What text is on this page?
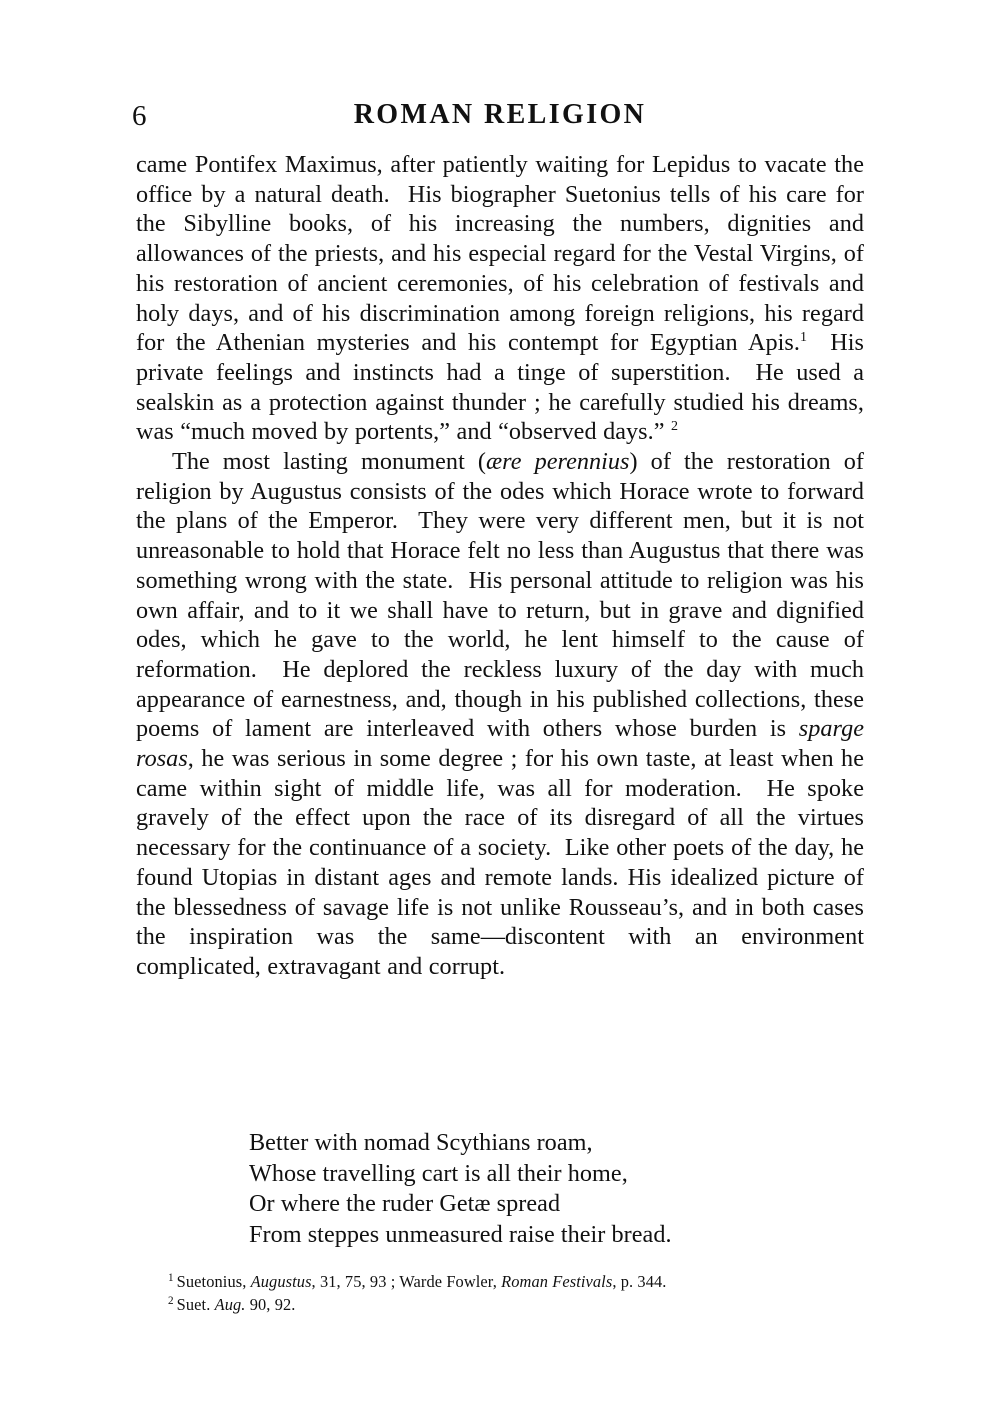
6	ROMAN RELIGION

came Pontifex Maximus, after patiently waiting for Lepidus to vacate the office by a natural death.  His biographer Suetonius tells of his care for the Sibylline books, of his increasing the numbers, dignities and allowances of the priests, and his especial regard for the Vestal Virgins, of his restoration of ancient ceremonies, of his celebration of festivals and holy days, and of his discrimination among foreign religions, his regard for the Athenian mysteries and his contempt for Egyptian Apis.$^1$  His private feelings and instincts had a tinge of superstition.  He used a sealskin as a protection against thunder ; he carefully studied his dreams, was “much moved by portents,” and “observed days.” $^2$

The most lasting monument (ære perennius) of the restoration of religion by Augustus consists of the odes which Horace wrote to forward the plans of the Emperor.  They were very different men, but it is not unreasonable to hold that Horace felt no less than Augustus that there was something wrong with the state.  His personal attitude to religion was his own affair, and to it we shall have to return, but in grave and dignified odes, which he gave to the world, he lent himself to the cause of reformation.  He deplored the reckless luxury of the day with much appearance of earnestness, and, though in his published collections, these poems of lament are interleaved with others whose burden is sparge rosas, he was serious in some degree ; for his own taste, at least when he came within sight of middle life, was all for moderation.  He spoke gravely of the effect upon the race of its disregard of all the virtues necessary for the continuance of a society.  Like other poets of the day, he found Utopias in distant ages and remote lands. His idealized picture of the blessedness of savage life is not unlike Rousseau’s, and in both cases the inspiration was the same—discontent with an environment complicated, extravagant and corrupt.

Better with nomad Scythians roam,
Whose travelling cart is all their home,
Or where the ruder Getæ spread
From steppes unmeasured raise their bread.
$^1$ Suetonius, Augustus, 31, 75, 93 ; Warde Fowler, Roman Festivals, p. 344.
$^2$ Suet. Aug. 90, 92.
